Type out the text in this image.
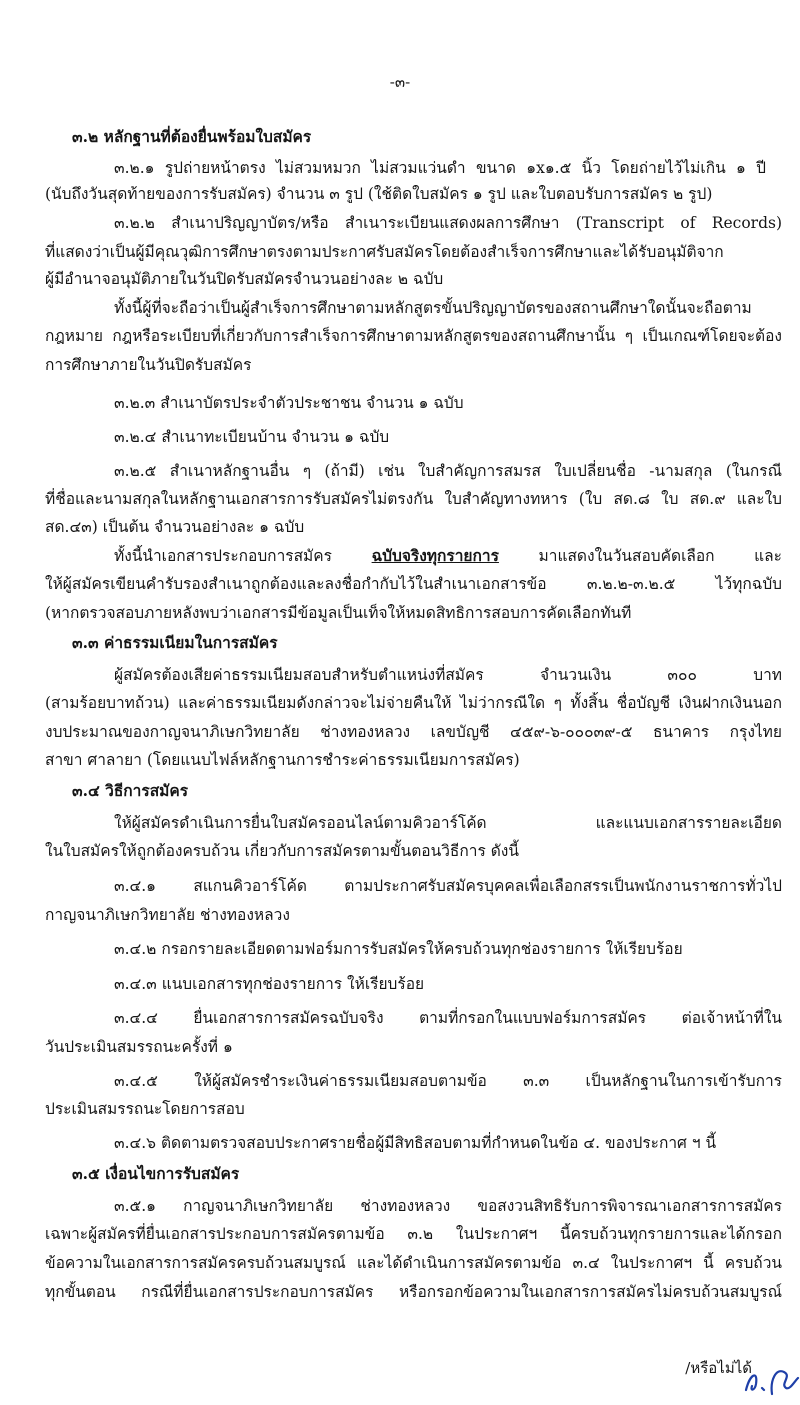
-๓-
๓.๒ หลักฐานที่ต้องยื่นพร้อมใบสมัคร
๓.๒.๑ รูปถ่ายหน้าตรง ไม่สวมหมวก ไม่สวมแว่นดำ ขนาด ๑x๑.๕ นิ้ว โดยถ่ายไว้ไม่เกิน ๑ ปี
(นับถึงวันสุดท้ายของการรับสมัคร) จำนวน ๓ รูป (ใช้ติดใบสมัคร ๑ รูป และใบตอบรับการสมัคร ๒ รูป)
๓.๒.๒ สำเนาปริญญาบัตร/หรือ สำเนาระเบียนแสดงผลการศึกษา (Transcript of Records)
ที่แสดงว่าเป็นผู้มีคุณวุฒิการศึกษาตรงตามประกาศรับสมัครโดยต้องสำเร็จการศึกษาและได้รับอนุมัติจาก
ผู้มีอำนาจอนุมัติภายในวันปิดรับสมัครจำนวนอย่างละ ๒ ฉบับ
ทั้งนี้ผู้ที่จะถือว่าเป็นผู้สำเร็จการศึกษาตามหลักสูตรขั้นปริญญาบัตรของสถานศึกษาใดนั้นจะถือตาม
กฎหมาย กฎหรือระเบียบที่เกี่ยวกับการสำเร็จการศึกษาตามหลักสูตรของสถานศึกษานั้น ๆ เป็นเกณฑ์โดยจะต้อง
การศึกษาภายในวันปิดรับสมัคร
๓.๒.๓ สำเนาบัตรประจำตัวประชาชน จำนวน ๑ ฉบับ
๓.๒.๔ สำเนาทะเบียนบ้าน จำนวน ๑ ฉบับ
๓.๒.๕ สำเนาหลักฐานอื่น ๆ (ถ้ามี) เช่น ใบสำคัญการสมรส ใบเปลี่ยนชื่อ -นามสกุล (ในกรณี
ที่ชื่อและนามสกุลในหลักฐานเอกสารการรับสมัครไม่ตรงกัน ใบสำคัญทางทหาร (ใบ สด.๘ ใบ สด.๙ และใบ
สด.๔๓) เป็นต้น จำนวนอย่างละ ๑ ฉบับ
ทั้งนี้นำเอกสารประกอบการสมัคร	ฉบับจริงทุกรายการ มาแสดงในวันสอบคัดเลือก และ
ให้ผู้สมัครเขียนคำรับรองสำเนาถูกต้องและลงชื่อกำกับไว้ในสำเนาเอกสารข้อ ๓.๒.๒-๓.๒.๕ ไว้ทุกฉบับ
(หากตรวจสอบภายหลังพบว่าเอกสารมีข้อมูลเป็นเท็จให้หมดสิทธิการสอบการคัดเลือกทันที
๓.๓ ค่าธรรมเนียมในการสมัคร
ผู้สมัครต้องเสียค่าธรรมเนียมสอบสำหรับตำแหน่งที่สมัคร จำนวนเงิน ๓๐๐ บาท
(สามร้อยบาทถ้วน) และค่าธรรมเนียมดังกล่าวจะไม่จ่ายคืนให้ ไม่ว่ากรณีใด ๆ ทั้งสิ้น ชื่อบัญชี เงินฝากเงินนอก
งบประมาณของกาญจนาภิเษกวิทยาลัย ช่างทองหลวง เลขบัญชี ๔๕๙-๖-๐๐๐๓๙-๕ ธนาคาร กรุงไทย
สาขา ศาลายา (โดยแนบไฟล์หลักฐานการชำระค่าธรรมเนียมการสมัคร)
๓.๔ วิธีการสมัคร
ให้ผู้สมัครดำเนินการยื่นใบสมัครออนไลน์ตามคิวอาร์โค้ด และแนบเอกสารรายละเอียด
ในใบสมัครให้ถูกต้องครบถ้วน เกี่ยวกับการสมัครตามขั้นตอนวิธีการ ดังนี้
๓.๔.๑ สแกนคิวอาร์โค้ด ตามประกาศรับสมัครบุคคลเพื่อเลือกสรรเป็นพนักงานราชการทั่วไป
กาญจนาภิเษกวิทยาลัย ช่างทองหลวง
๓.๔.๒ กรอกรายละเอียดตามฟอร์มการรับสมัครให้ครบถ้วนทุกช่องรายการ ให้เรียบร้อย
๓.๔.๓ แนบเอกสารทุกช่องรายการ ให้เรียบร้อย
๓.๔.๔ ยื่นเอกสารการสมัครฉบับจริง ตามที่กรอกในแบบฟอร์มการสมัคร ต่อเจ้าหน้าที่ใน
วันประเมินสมรรถนะครั้งที่ ๑
๓.๔.๕ ให้ผู้สมัครชำระเงินค่าธรรมเนียมสอบตามข้อ ๓.๓ เป็นหลักฐานในการเข้ารับการ
ประเมินสมรรถนะโดยการสอบ
๓.๔.๖ ติดตามตรวจสอบประกาศรายชื่อผู้มีสิทธิสอบตามที่กำหนดในข้อ ๔. ของประกาศ ฯ นี้
๓.๕ เงื่อนไขการรับสมัคร
๓.๕.๑ กาญจนาภิเษกวิทยาลัย ช่างทองหลวง ขอสงวนสิทธิรับการพิจารณาเอกสารการสมัคร
เฉพาะผู้สมัครที่ยื่นเอกสารประกอบการสมัครตามข้อ ๓.๒ ในประกาศฯ นี้ครบถ้วนทุกรายการและได้กรอก
ข้อความในเอกสารการสมัครครบถ้วนสมบูรณ์ และได้ดำเนินการสมัครตามข้อ ๓.๔ ในประกาศฯ นี้ ครบถ้วน
ทุกขั้นตอน กรณีที่ยื่นเอกสารประกอบการสมัคร หรือกรอกข้อความในเอกสารการสมัครไม่ครบถ้วนสมบูรณ์
/หรือไม่ได้
